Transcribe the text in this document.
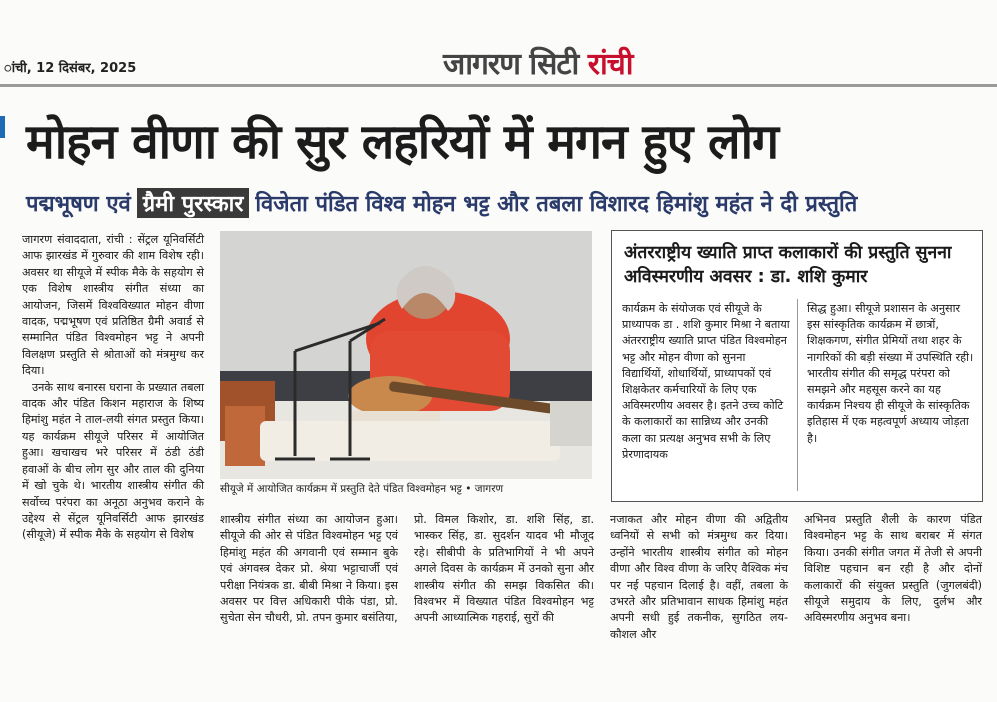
ांची, 12 दिसंबर, 2025	जागरण सिटी रांची
मोहन वीणा की सुर लहरियों में मगन हुए लोग
पद्मभूषण एवं ग्रैमी पुरस्कार विजेता पंडित विश्व मोहन भट्ट और तबला विशारद हिमांशु महंत ने दी प्रस्तुति

जागरण संवाददाता, रांची : सेंट्रल यूनिवर्सिटी आफ झारखंड में गुरुवार की शाम विशेष रही। अवसर था सीयूजे में स्पीक मैके के सहयोग से एक विशेष शास्त्रीय संगीत संध्या का आयोजन, जिसमें विश्वविख्यात मोहन वीणा वादक, पद्मभूषण एवं प्रतिष्ठित ग्रैमी अवार्ड से सम्मानित पंडित विश्वमोहन भट्ट ने अपनी विलक्षण प्रस्तुति से श्रोताओं को मंत्रमुग्ध कर दिया।

उनके साथ बनारस घराना के प्रख्यात तबला वादक और पंडित किशन महाराज के शिष्य हिमांशु महंत ने ताल-लयी संगत प्रस्तुत किया। यह कार्यक्रम सीयूजे परिसर में आयोजित हुआ। खचाखच भरे परिसर में ठंडी ठंडी हवाओं के बीच लोग सुर और ताल की दुनिया में खो चुके थे। भारतीय शास्त्रीय संगीत की सर्वोच्च परंपरा का अनूठा अनुभव कराने के उद्देश्य से सेंट्रल यूनिवर्सिटी आफ झारखंड (सीयूजे) में स्पीक मैके के सहयोग से विशेष

सीयूजे में आयोजित कार्यक्रम में प्रस्तुति देते पंडित विश्वमोहन भट्ट • जागरण
शास्त्रीय संगीत संध्या का आयोजन हुआ। सीयूजे की ओर से पंडित विश्वमोहन भट्ट एवं हिमांशु महंत की अगवानी एवं सम्मान बुके एवं अंगवस्त्र देकर प्रो. श्रेया भट्टाचार्जी एवं परीक्षा नियंत्रक डा. बीबी मिश्रा ने किया। इस अवसर पर वित्त अधिकारी पीके पंडा, प्रो. सुचेता सेन चौधरी, प्रो. तपन कुमार बसंतिया,
प्रो. विमल किशोर, डा. शशि सिंह, डा. भास्कर सिंह, डा. सुदर्शन यादव भी मौजूद रहे। सीबीपी के प्रतिभागियों ने भी अपने अगले दिवस के कार्यक्रम में उनको सुना और शास्त्रीय संगीत की समझ विकसित की। विश्वभर में विख्यात पंडित विश्वमोहन भट्ट अपनी आध्यात्मिक गहराई, सुरों की
नजाकत और मोहन वीणा की अद्वितीय ध्वनियों से सभी को मंत्रमुग्ध कर दिया। उन्होंने भारतीय शास्त्रीय संगीत को मोहन वीणा और विश्व वीणा के जरिए वैश्विक मंच पर नई पहचान दिलाई है। वहीं, तबला के उभरते और प्रतिभावान साधक हिमांशु महंत अपनी सधी हुई तकनीक, सुगठित लय-कौशल और
अभिनव प्रस्तुति शैली के कारण पंडित विश्वमोहन भट्ट के साथ बराबर में संगत किया। उनकी संगीत जगत में तेजी से अपनी विशिष्ट पहचान बन रही है और दोनों कलाकारों की संयुक्त प्रस्तुति (जुगलबंदी) सीयूजे समुदाय के लिए, दुर्लभ और अविस्मरणीय अनुभव बना।
अंतरराष्ट्रीय ख्याति प्राप्त कलाकारों की प्रस्तुति सुनना अविस्मरणीय अवसर : डा. शशि कुमार
कार्यक्रम के संयोजक एवं सीयूजे के प्राध्यापक डा . शशि कुमार मिश्रा ने बताया अंतरराष्ट्रीय ख्याति प्राप्त पंडित विश्वमोहन भट्ट और मोहन वीणा को सुनना विद्यार्थियों, शोधार्थियों, प्राध्यापकों एवं शिक्षकेतर कर्मचारियों के लिए एक अविस्मरणीय अवसर है। इतने उच्च कोटि के कलाकारों का सान्निध्य और उनकी कला का प्रत्यक्ष अनुभव सभी के लिए प्रेरणादायक
सिद्ध हुआ। सीयूजे प्रशासन के अनुसार इस सांस्कृतिक कार्यक्रम में छात्रों, शिक्षकगण, संगीत प्रेमियों तथा शहर के नागरिकों की बड़ी संख्या में उपस्थिति रही। भारतीय संगीत की समृद्ध परंपरा को समझने और महसूस करने का यह कार्यक्रम निश्चय ही सीयूजे के सांस्कृतिक इतिहास में एक महत्वपूर्ण अध्याय जोड़ता है।
